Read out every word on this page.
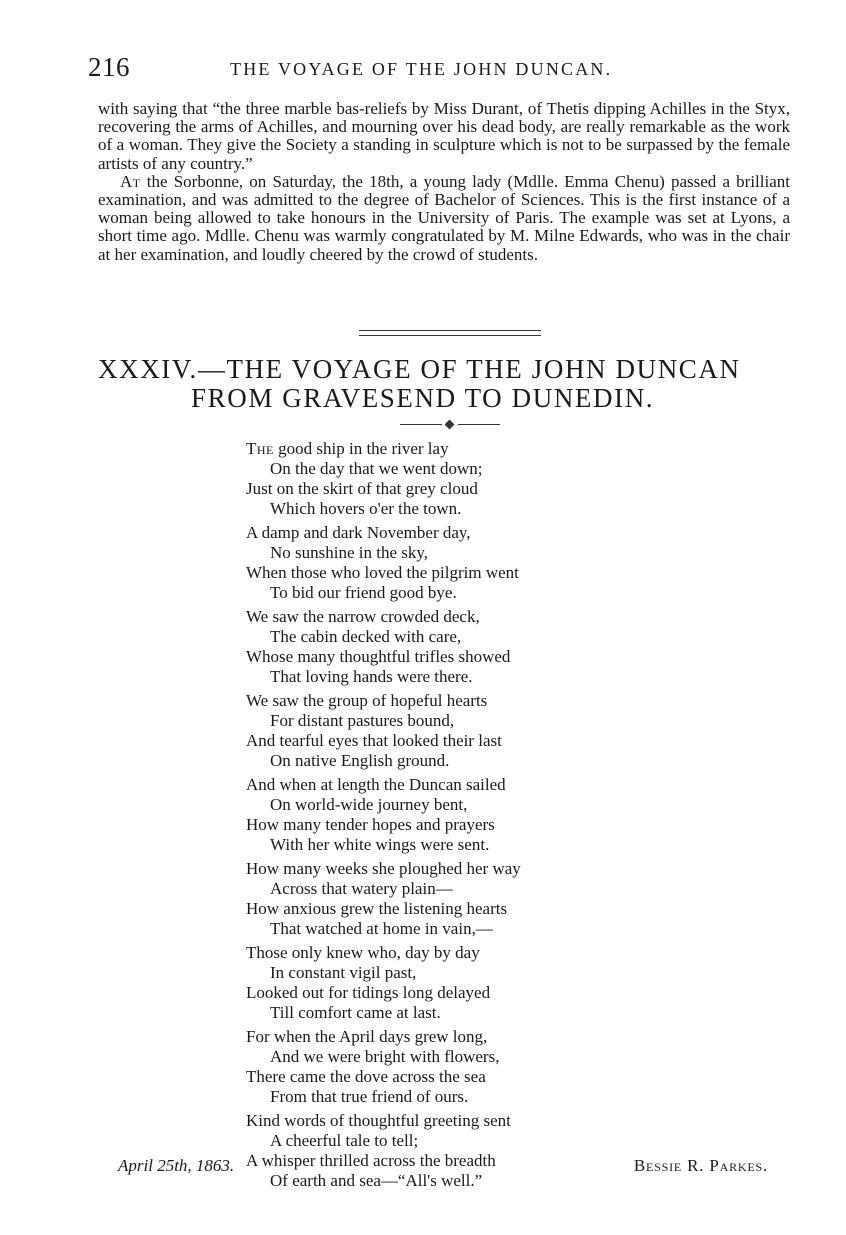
216	THE VOYAGE OF THE JOHN DUNCAN.

with saying that “the three marble bas-reliefs by Miss Durant, of Thetis dipping Achilles in the Styx, recovering the arms of Achilles, and mourning over his dead body, are really remarkable as the work of a woman. They give the Society a standing in sculpture which is not to be surpassed by the female artists of any country.”

At the Sorbonne, on Saturday, the 18th, a young lady (Mdlle. Emma Chenu) passed a brilliant examination, and was admitted to the degree of Bachelor of Sciences. This is the first instance of a woman being allowed to take honours in the University of Paris. The example was set at Lyons, a short time ago. Mdlle. Chenu was warmly congratulated by M. Milne Edwards, who was in the chair at her examination, and loudly cheered by the crowd of students.

XXXIV.—THE VOYAGE OF THE JOHN DUNCAN
FROM GRAVESEND TO DUNEDIN.
The good ship in the river lay
On the day that we went down;
Just on the skirt of that grey cloud
Which hovers o'er the town.
A damp and dark November day,
No sunshine in the sky,
When those who loved the pilgrim went
To bid our friend good bye.
We saw the narrow crowded deck,
The cabin decked with care,
Whose many thoughtful trifles showed
That loving hands were there.
We saw the group of hopeful hearts
For distant pastures bound,
And tearful eyes that looked their last
On native English ground.
And when at length the Duncan sailed
On world-wide journey bent,
How many tender hopes and prayers
With her white wings were sent.
How many weeks she ploughed her way
Across that watery plain—
How anxious grew the listening hearts
That watched at home in vain,—
Those only knew who, day by day
In constant vigil past,
Looked out for tidings long delayed
Till comfort came at last.
For when the April days grew long,
And we were bright with flowers,
There came the dove across the sea
From that true friend of ours.
Kind words of thoughtful greeting sent
A cheerful tale to tell;
A whisper thrilled across the breadth
Of earth and sea—“All's well.”
April 25th, 1863.	Bessie R. Parkes.
